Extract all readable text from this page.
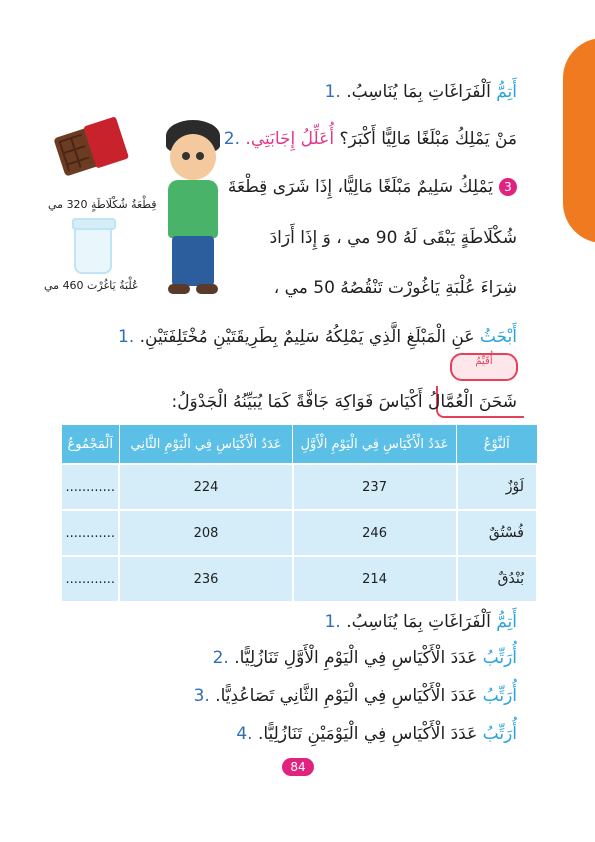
أَتِمُّ اَلْفَرَاغَاتِ بِمَا يُنَاسِبُ. .1
مَنْ يَمْلِكُ مَبْلَغًا مَالِيًّا أَكْبَرَ؟ أُعَلِّلُ إِجَابَتِي. .2
قِطْعَةُ شُكْلَاطَةٍ 320 مي
عُلْبَةُ يَاغُرْت 460 مي
3يَمْلِكُ سَلِيمٌ مَبْلَغًا مَالِيًّا، إِذَا شَرَى قِطْعَةَ
شُكْلَاطَةٍ يَبْقَى لَهُ 90 مي ، وَ إِذَا أَرَادَ
شِرَاءَ عُلْبَةِ يَاغُورْت تَنْقُصُهُ 50 مي ،
أَبْحَثُ عَنِ الْمَبْلَغِ الَّذِي يَمْلِكُهُ سَلِيمٌ بِطَرِيقَتَيْنِ مُخْتَلِفَتَيْنِ. .1
أُقَيِّمُ
شَحَنَ الْعُمَّالُ أَكْيَاسَ فَوَاكِهَ جَافَّةً كَمَا يُبَيِّنُهُ الْجَدْوَلُ:
اَلنَّوْعُ	عَدَدُ الْأَكْيَاسِ فِي الْيَوْمِ الْأَوَّلِ	عَدَدُ الْأَكْيَاسِ فِي الْيَوْمِ الثَّانِي	اَلْمَجْمُوعُ
لَوْزٌ	237	224	............
فُسْتُقٌ	246	208	............
بُنْدُقٌ	214	236	............
أَتِمُّ اَلْفَرَاغَاتِ بِمَا يُنَاسِبُ. .1
أُرَتِّبُ عَدَدَ الْأَكْيَاسِ فِي الْيَوْمِ الْأَوَّلِ تَنَازُلِيًّا. .2
أُرَتِّبُ عَدَدَ الْأَكْيَاسِ فِي الْيَوْمِ الثَّانِي تَصَاعُدِيًّا. .3
أُرَتِّبُ عَدَدَ الْأَكْيَاسِ فِي الْيَوْمَيْنِ تَنَازُلِيًّا. .4
84
